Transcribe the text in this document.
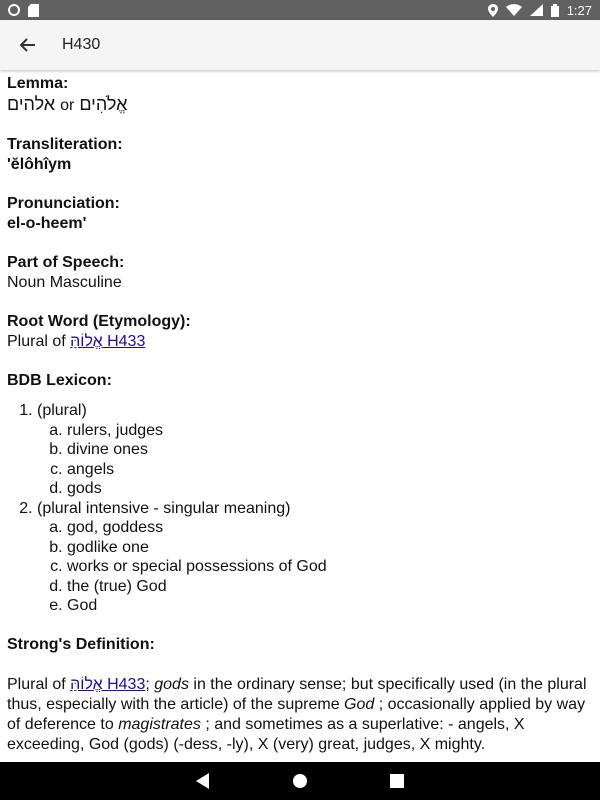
1:27
H430
Lemma:
אלהים or אֱלֹהִים
Transliteration:
'ĕlôhîym
Pronunciation:
el-o-heem'
Part of Speech:
Noun Masculine
Root Word (Etymology):
Plural of אֱלוֹהַּ H433
BDB Lexicon:
1. (plural)
a. rulers, judges
b. divine ones
c. angels
d. gods
2. (plural intensive - singular meaning)
a. god, goddess
b. godlike one
c. works or special possessions of God
d. the (true) God
e. God
Strong's Definition:
Plural of אֱלוֹהַּ H433; gods in the ordinary sense; but specifically used (in the plural thus, especially with the article) of the supreme God ; occasionally applied by way of deference to magistrates ; and sometimes as a superlative: - angels, X exceeding, God (gods) (-dess, -ly), X (very) great, judges, X mighty.
